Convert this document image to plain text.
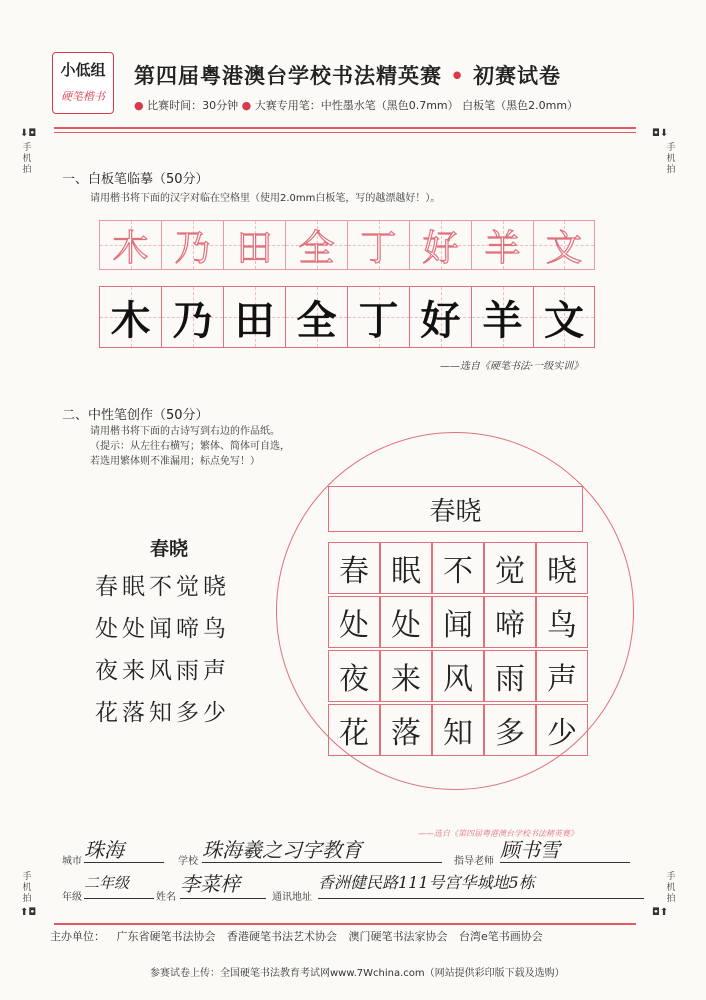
小低组
硬笔楷书
第四届粤港澳台学校书法精英赛 • 初赛试卷
● 比赛时间：30分钟 ● 大赛专用笔：中性墨水笔（黑色0.7mm） 白板笔（黑色2.0mm）
⬇◘
手机拍
◘⬇
手机拍
手机拍
⬆◘
手机拍
◘⬆
一、白板笔临摹（50分）
请用楷书将下面的汉字对临在空格里（使用2.0mm白板笔，写的越漂越好！）。
木 乃 田 全 丁 好 羊 文
木 乃 田 全 丁 好 羊 文
——选自《硬笔书法·一级实训》
二、中性笔创作（50分）
请用楷书将下面的古诗写到右边的作品纸。
（提示：从左往右横写；繁体、简体可自选，
若选用繁体则不准漏用；标点免写！）
春晓
春眠不觉晓
处处闻啼鸟
夜来风雨声
花落知多少
春晓
春 眠 不 觉 晓
处 处 闻 啼 鸟
夜 来 风 雨 声
花 落 知 多 少
——选自《第四届粤港澳台学校书法精英赛》
城市 珠海	学校 珠海羲之习字教育	指导老师 顾书雪
年级
二年级
姓名
李菜梓
通讯地址
香洲健民路111号宫华城地5栋
主办单位： 广东省硬笔书法协会 香港硬笔书法艺术协会 澳门硬笔书法家协会 台湾e笔书画协会
参赛试卷上传：全国硬笔书法教育考试网www.7Wchina.com（网站提供彩印版下载及选购）
